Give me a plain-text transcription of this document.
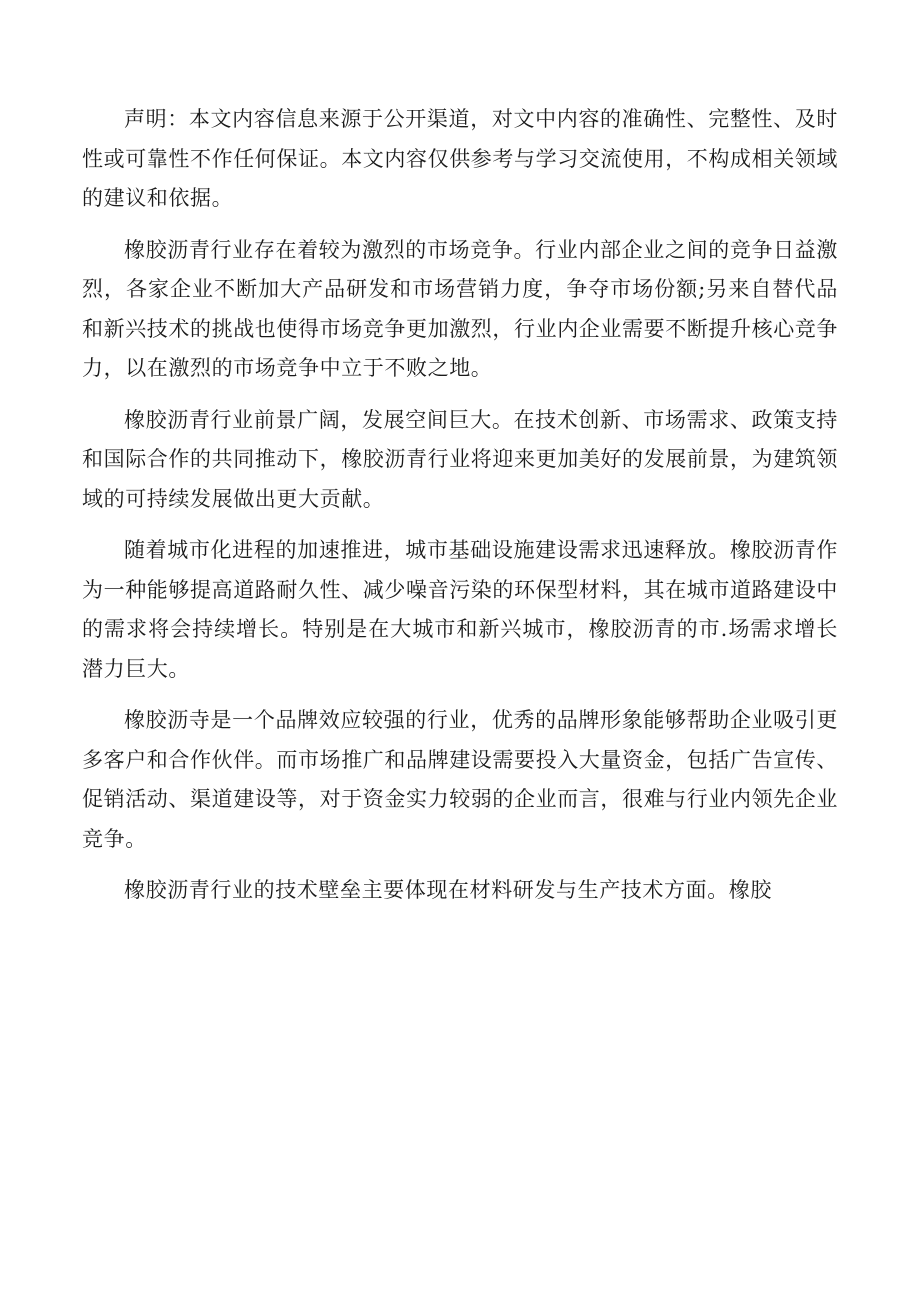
声明：本文内容信息来源于公开渠道，对文中内容的准确性、完整性、及时性或可靠性不作任何保证。本文内容仅供参考与学习交流使用，不构成相关领域的建议和依据。

橡胶沥青行业存在着较为激烈的市场竞争。行业内部企业之间的竞争日益激烈，各家企业不断加大产品研发和市场营销力度，争夺市场份额;另来自替代品和新兴技术的挑战也使得市场竞争更加激烈，行业内企业需要不断提升核心竞争力，以在激烈的市场竞争中立于不败之地。

橡胶沥青行业前景广阔，发展空间巨大。在技术创新、市场需求、政策支持和国际合作的共同推动下，橡胶沥青行业将迎来更加美好的发展前景，为建筑领域的可持续发展做出更大贡献。

随着城市化进程的加速推进，城市基础设施建设需求迅速释放。橡胶沥青作为一种能够提高道路耐久性、减少噪音污染的环保型材料，其在城市道路建设中的需求将会持续增长。特别是在大城市和新兴城市，橡胶沥青的市.场需求增长潜力巨大。

橡胶沥寺是一个品牌效应较强的行业，优秀的品牌形象能够帮助企业吸引更多客户和合作伙伴。而市场推广和品牌建设需要投入大量资金，包括广告宣传、促销活动、渠道建设等，对于资金实力较弱的企业而言，很难与行业内领先企业竞争。

橡胶沥青行业的技术壁垒主要体现在材料研发与生产技术方面。橡胶
